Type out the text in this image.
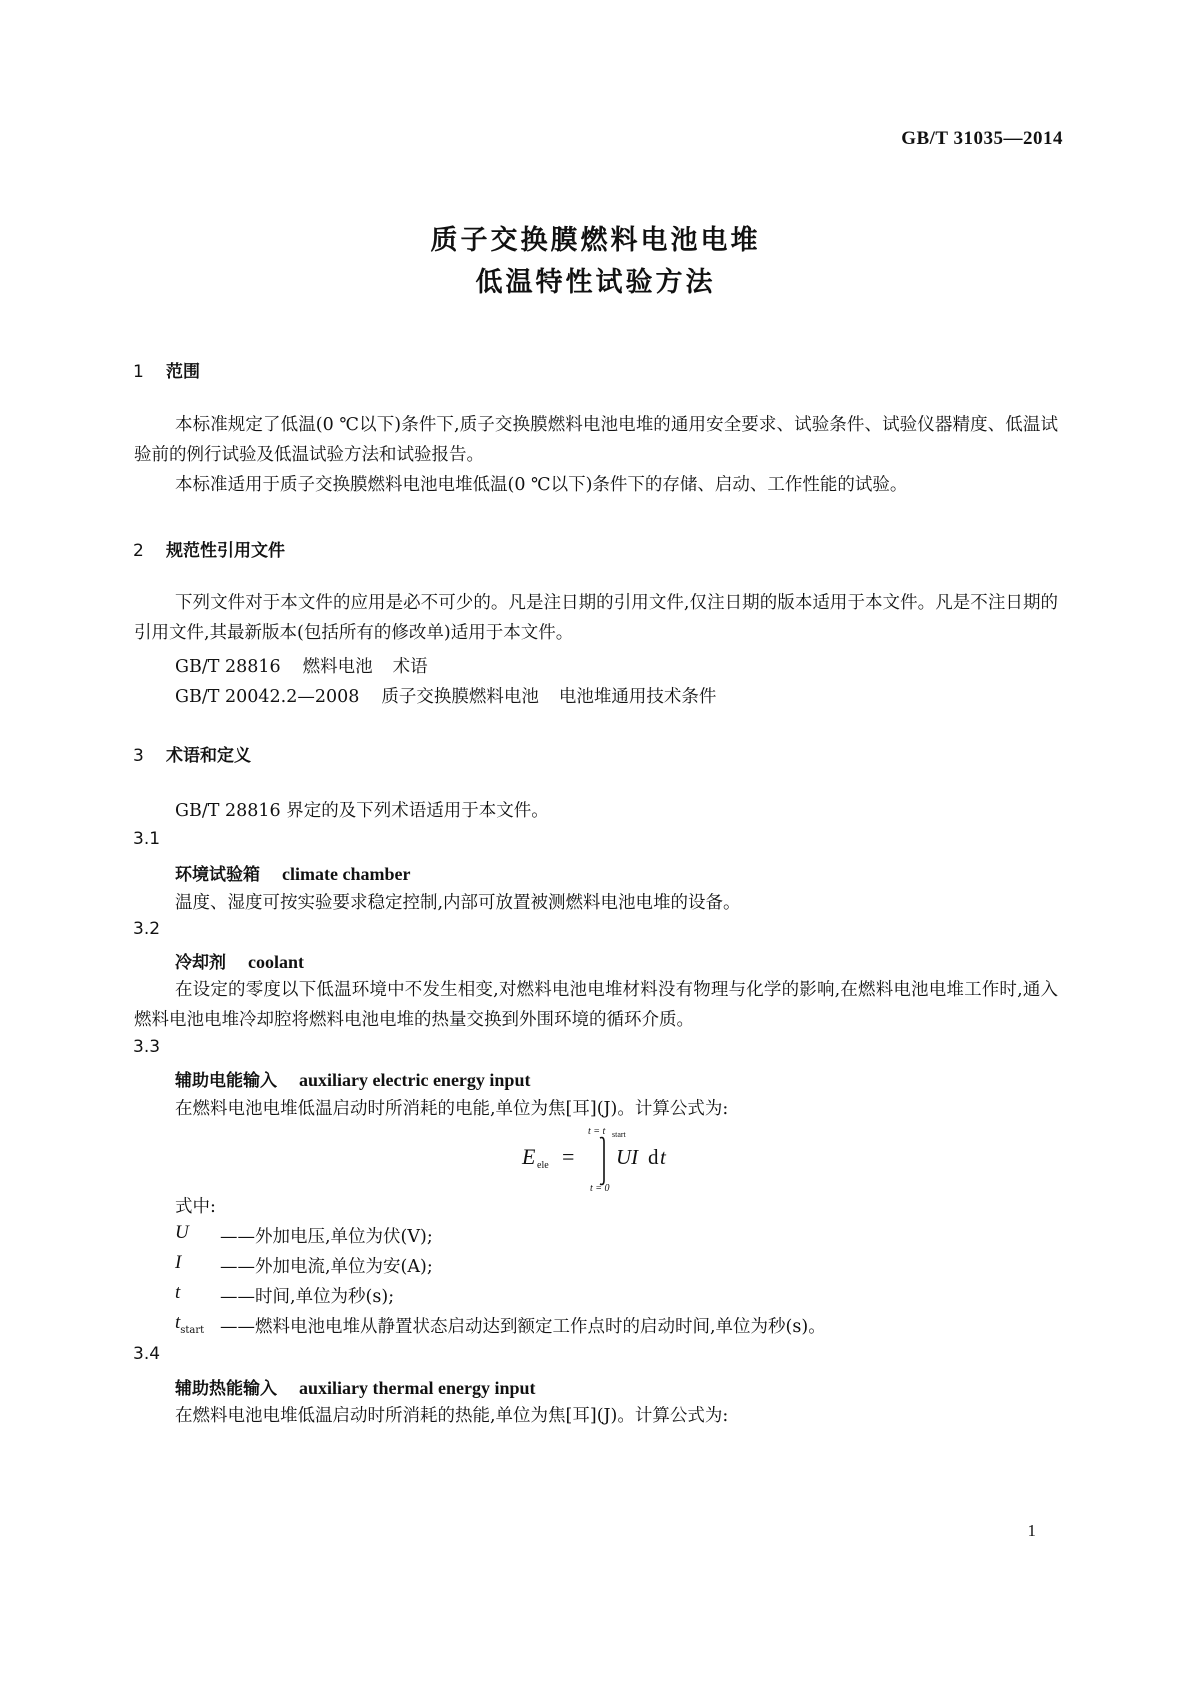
GB/T 31035—2014
质子交换膜燃料电池电堆
低温特性试验方法
1 范围
本标准规定了低温(0 ℃以下)条件下,质子交换膜燃料电池电堆的通用安全要求、试验条件、试验仪器精度、低温试验前的例行试验及低温试验方法和试验报告。
本标准适用于质子交换膜燃料电池电堆低温(0 ℃以下)条件下的存储、启动、工作性能的试验。
2 规范性引用文件
下列文件对于本文件的应用是必不可少的。凡是注日期的引用文件,仅注日期的版本适用于本文件。凡是不注日期的引用文件,其最新版本(包括所有的修改单)适用于本文件。
GB/T 28816 燃料电池 术语
GB/T 20042.2—2008 质子交换膜燃料电池 电池堆通用技术条件
3 术语和定义
GB/T 28816 界定的及下列术语适用于本文件。
3.1
环境试验箱 climate chamber
温度、湿度可按实验要求稳定控制,内部可放置被测燃料电池电堆的设备。
3.2
冷却剂 coolant
在设定的零度以下低温环境中不发生相变,对燃料电池电堆材料没有物理与化学的影响,在燃料电池电堆工作时,通入燃料电池电堆冷却腔将燃料电池电堆的热量交换到外围环境的循环介质。
3.3
辅助电能输入 auxiliary electric energy input
在燃料电池电堆低温启动时所消耗的电能,单位为焦[耳](J)。计算公式为:
E ele =
t = t start
t = 0
UI d t
式中:
U ——外加电压,单位为伏(V);
I ——外加电流,单位为安(A);
t ——时间,单位为秒(s);
$t_{start}$ ——燃料电池电堆从静置状态启动达到额定工作点时的启动时间,单位为秒(s)。
3.4
辅助热能输入 auxiliary thermal energy input
在燃料电池电堆低温启动时所消耗的热能,单位为焦[耳](J)。计算公式为:
1
